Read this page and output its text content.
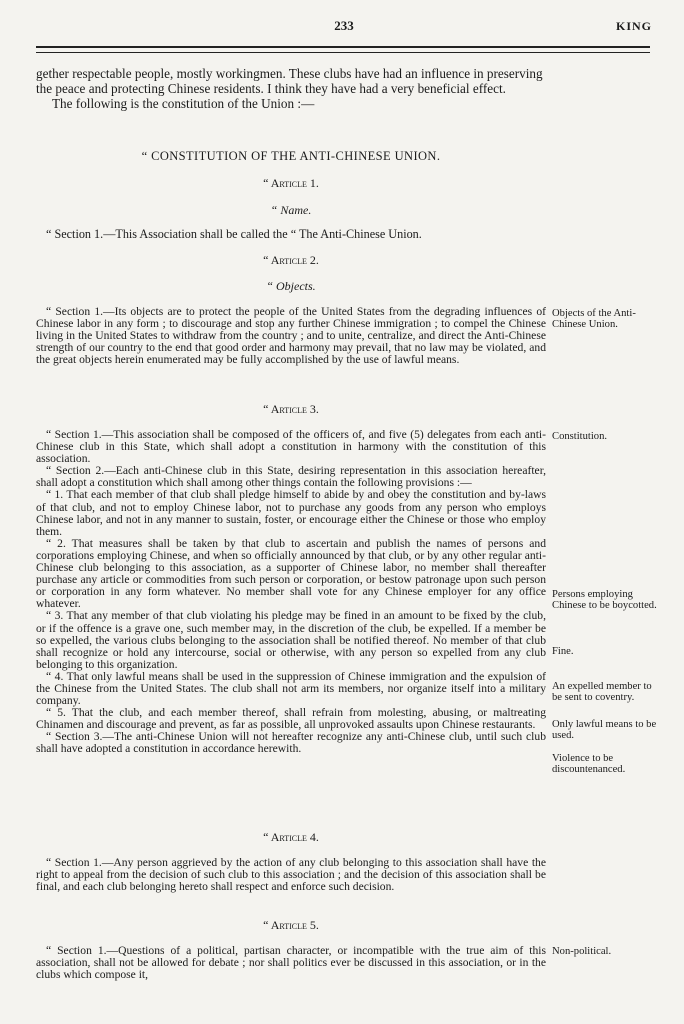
233	KING

gether respectable people, mostly workingmen. These clubs have had an influence in preserving the peace and protecting Chinese residents. I think they have had a very beneficial effect.

The following is the constitution of the Union :—

“ CONSTITUTION OF THE ANTI-CHINESE UNION.
“ Article 1.
“ Name.

“ Section 1.—This Association shall be called the “ The Anti-Chinese Union.

“ Article 2.
“ Objects.

“ Section 1.—Its objects are to protect the people of the United States from the degrading influences of Chinese labor in any form ; to discourage and stop any further Chinese immigration ; to compel the Chinese living in the United States to withdraw from the country ; and to unite, centralize, and direct the Anti-Chinese strength of our country to the end that good order and harmony may prevail, that no law may be violated, and the great objects herein enumerated may be fully accomplished by the use of lawful means.

“ Article 3.

“ Section 1.—This association shall be composed of the officers of, and five (5) delegates from each anti-Chinese club in this State, which shall adopt a constitution in harmony with the constitution of this association.

“ Section 2.—Each anti-Chinese club in this State, desiring representation in this association hereafter, shall adopt a constitution which shall among other things contain the following provisions :—

“ 1. That each member of that club shall pledge himself to abide by and obey the constitution and by-laws of that club, and not to employ Chinese labor, not to purchase any goods from any person who employs Chinese labor, and not in any manner to sustain, foster, or encourage either the Chinese or those who employ them.

“ 2. That measures shall be taken by that club to ascertain and publish the names of persons and corporations employing Chinese, and when so officially announced by that club, or by any other regular anti-Chinese club belonging to this association, as a supporter of Chinese labor, no member shall thereafter purchase any article or commodities from such person or corporation, or bestow patronage upon such person or corporation in any form whatever. No member shall vote for any Chinese employer for any office whatever.

“ 3. That any member of that club violating his pledge may be fined in an amount to be fixed by the club, or if the offence is a grave one, such member may, in the discretion of the club, be expelled. If a member be so expelled, the various clubs belonging to the association shall be notified thereof. No member of that club shall recognize or hold any intercourse, social or otherwise, with any person so expelled from any club belonging to this organization.

“ 4. That only lawful means shall be used in the suppression of Chinese immigration and the expulsion of the Chinese from the United States. The club shall not arm its members, nor organize itself into a military company.

“ 5. That the club, and each member thereof, shall refrain from molesting, abusing, or maltreating Chinamen and discourage and prevent, as far as possible, all unprovoked assaults upon Chinese restaurants.

“ Section 3.—The anti-Chinese Union will not hereafter recognize any anti-Chinese club, until such club shall have adopted a constitution in accordance herewith.

“ Article 4.

“ Section 1.—Any person aggrieved by the action of any club belonging to this association shall have the right to appeal from the decision of such club to this association ; and the decision of this association shall be final, and each club belonging hereto shall respect and enforce such decision.

“ Article 5.

“ Section 1.—Questions of a political, partisan character, or incompatible with the true aim of this association, shall not be allowed for debate ; nor shall politics ever be discussed in this association, or in the clubs which compose it,

Objects of the Anti-Chinese Union.
Constitution.
Persons employing Chinese to be boycotted.
Fine.
An expelled member to be sent to coventry.
Only lawful means to be used.
Violence to be discountenanced.
Non-political.
